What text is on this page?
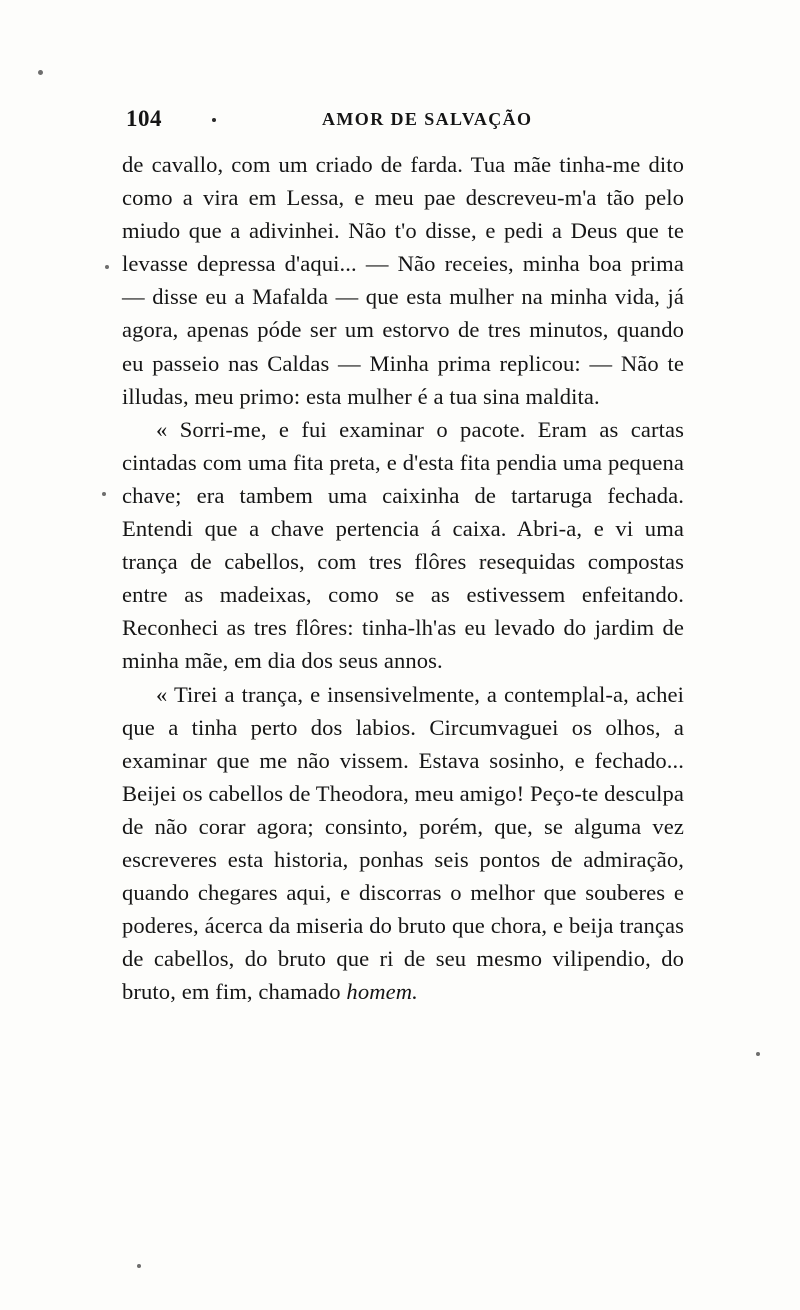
104	AMOR DE SALVAÇÃO

de cavallo, com um criado de farda. Tua mãe tinha-me dito como a vira em Lessa, e meu pae descreveu-m'a tão pelo miudo que a adivinhei. Não t'o disse, e pedi a Deus que te levasse depressa d'aqui... — Não receies, minha boa prima — disse eu a Mafalda — que esta mulher na minha vida, já agora, apenas póde ser um estorvo de tres minutos, quando eu passeio nas Caldas — Minha prima replicou: — Não te illudas, meu primo: esta mulher é a tua sina maldita.

« Sorri-me, e fui examinar o pacote. Eram as cartas cintadas com uma fita preta, e d'esta fita pendia uma pequena chave; era tambem uma caixinha de tartaruga fechada. Entendi que a chave pertencia á caixa. Abri-a, e vi uma trança de cabellos, com tres flôres resequidas compostas entre as madeixas, como se as estivessem enfeitando. Reconheci as tres flôres: tinha-lh'as eu levado do jardim de minha mãe, em dia dos seus annos.

« Tirei a trança, e insensivelmente, a contemplal-a, achei que a tinha perto dos labios. Circumvaguei os olhos, a examinar que me não vissem. Estava sosinho, e fechado... Beijei os cabellos de Theodora, meu amigo! Peço-te desculpa de não corar agora; consinto, porém, que, se alguma vez escreveres esta historia, ponhas seis pontos de admiração, quando chegares aqui, e discorras o melhor que souberes e poderes, ácerca da miseria do bruto que chora, e beija tranças de cabellos, do bruto que ri de seu mesmo vilipendio, do bruto, em fim, chamado homem.
